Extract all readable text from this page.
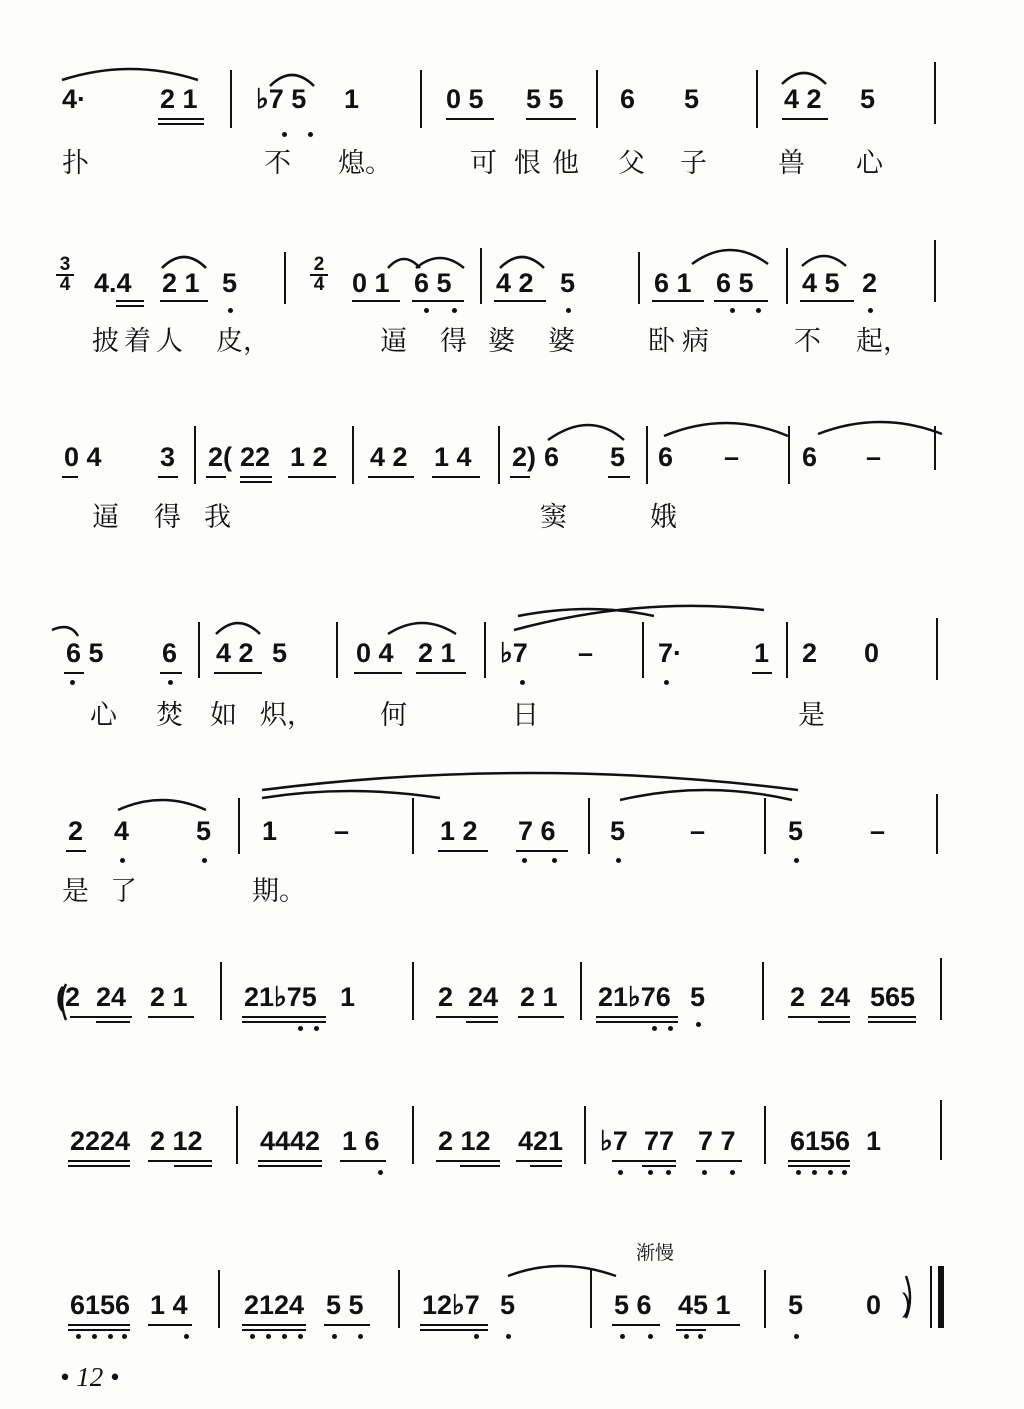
4·	2 1 ♭7 5 1	0 5 5 5 6 5	4 2 5
扑	不 熄。	可 恨 他 父 子	兽 心
3
4 4.4 2 1 5
2
4 0 1 6 5 4 2 5	6 1 6 5 4 5 2
披 着 人 皮，	逼 得 婆 婆	卧 病	不 起，
0 4 3 2( 22 1 2 4 2 1 4 2) 6 5 6 – 6 –
逼 得 我	窦	娥
6 5 6 4 2 5	0 4 2 1 ♭7 – 7·	1 2 0
心 焚 如 炽， 何	日	是
2 4 5 1 –	1 2 7 6 5 –	5 –
是 了	期。
(2 24 2 1 21♭75 1	2 24 2 1 21♭76 5	2 24 565
2224 2 12 4442 1 6 2 12 421 ♭7 77 7 7 6156 1
渐慢
6156 1 4 2124 5 5 12♭7 5	5 6 45 1 5 0 )
• 12 •
